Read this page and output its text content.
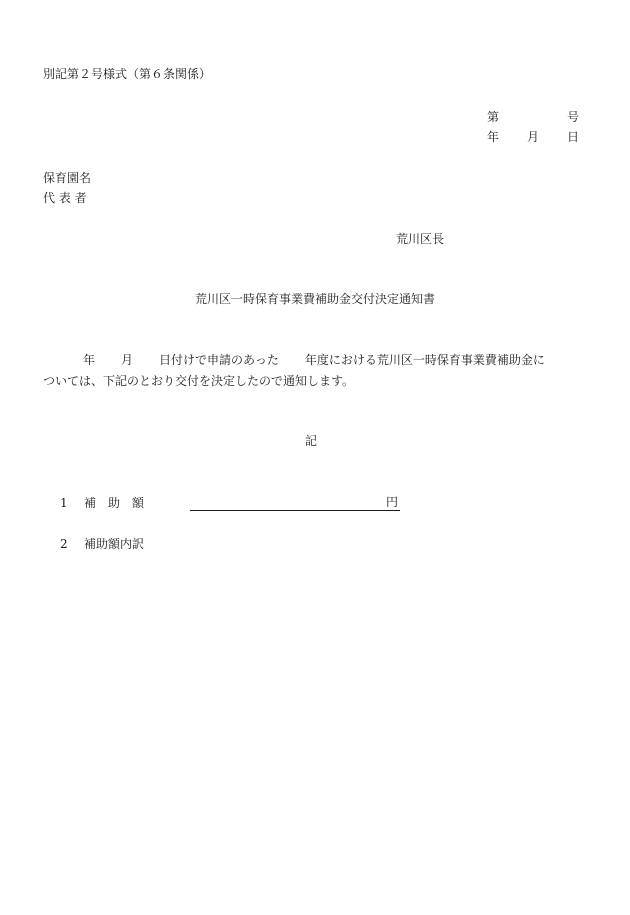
別記第２号様式（第６条関係）
第	号
年 月 日
保育園名
代 表 者
荒川区長
荒川区一時保育事業費補助金交付決定通知書
年 月 日付けで申請のあった 年度における荒川区一時保育事業費補助金に
ついては、下記のとおり交付を決定したので通知します。
記
1	補　助　額	円
2	補助額内訳
